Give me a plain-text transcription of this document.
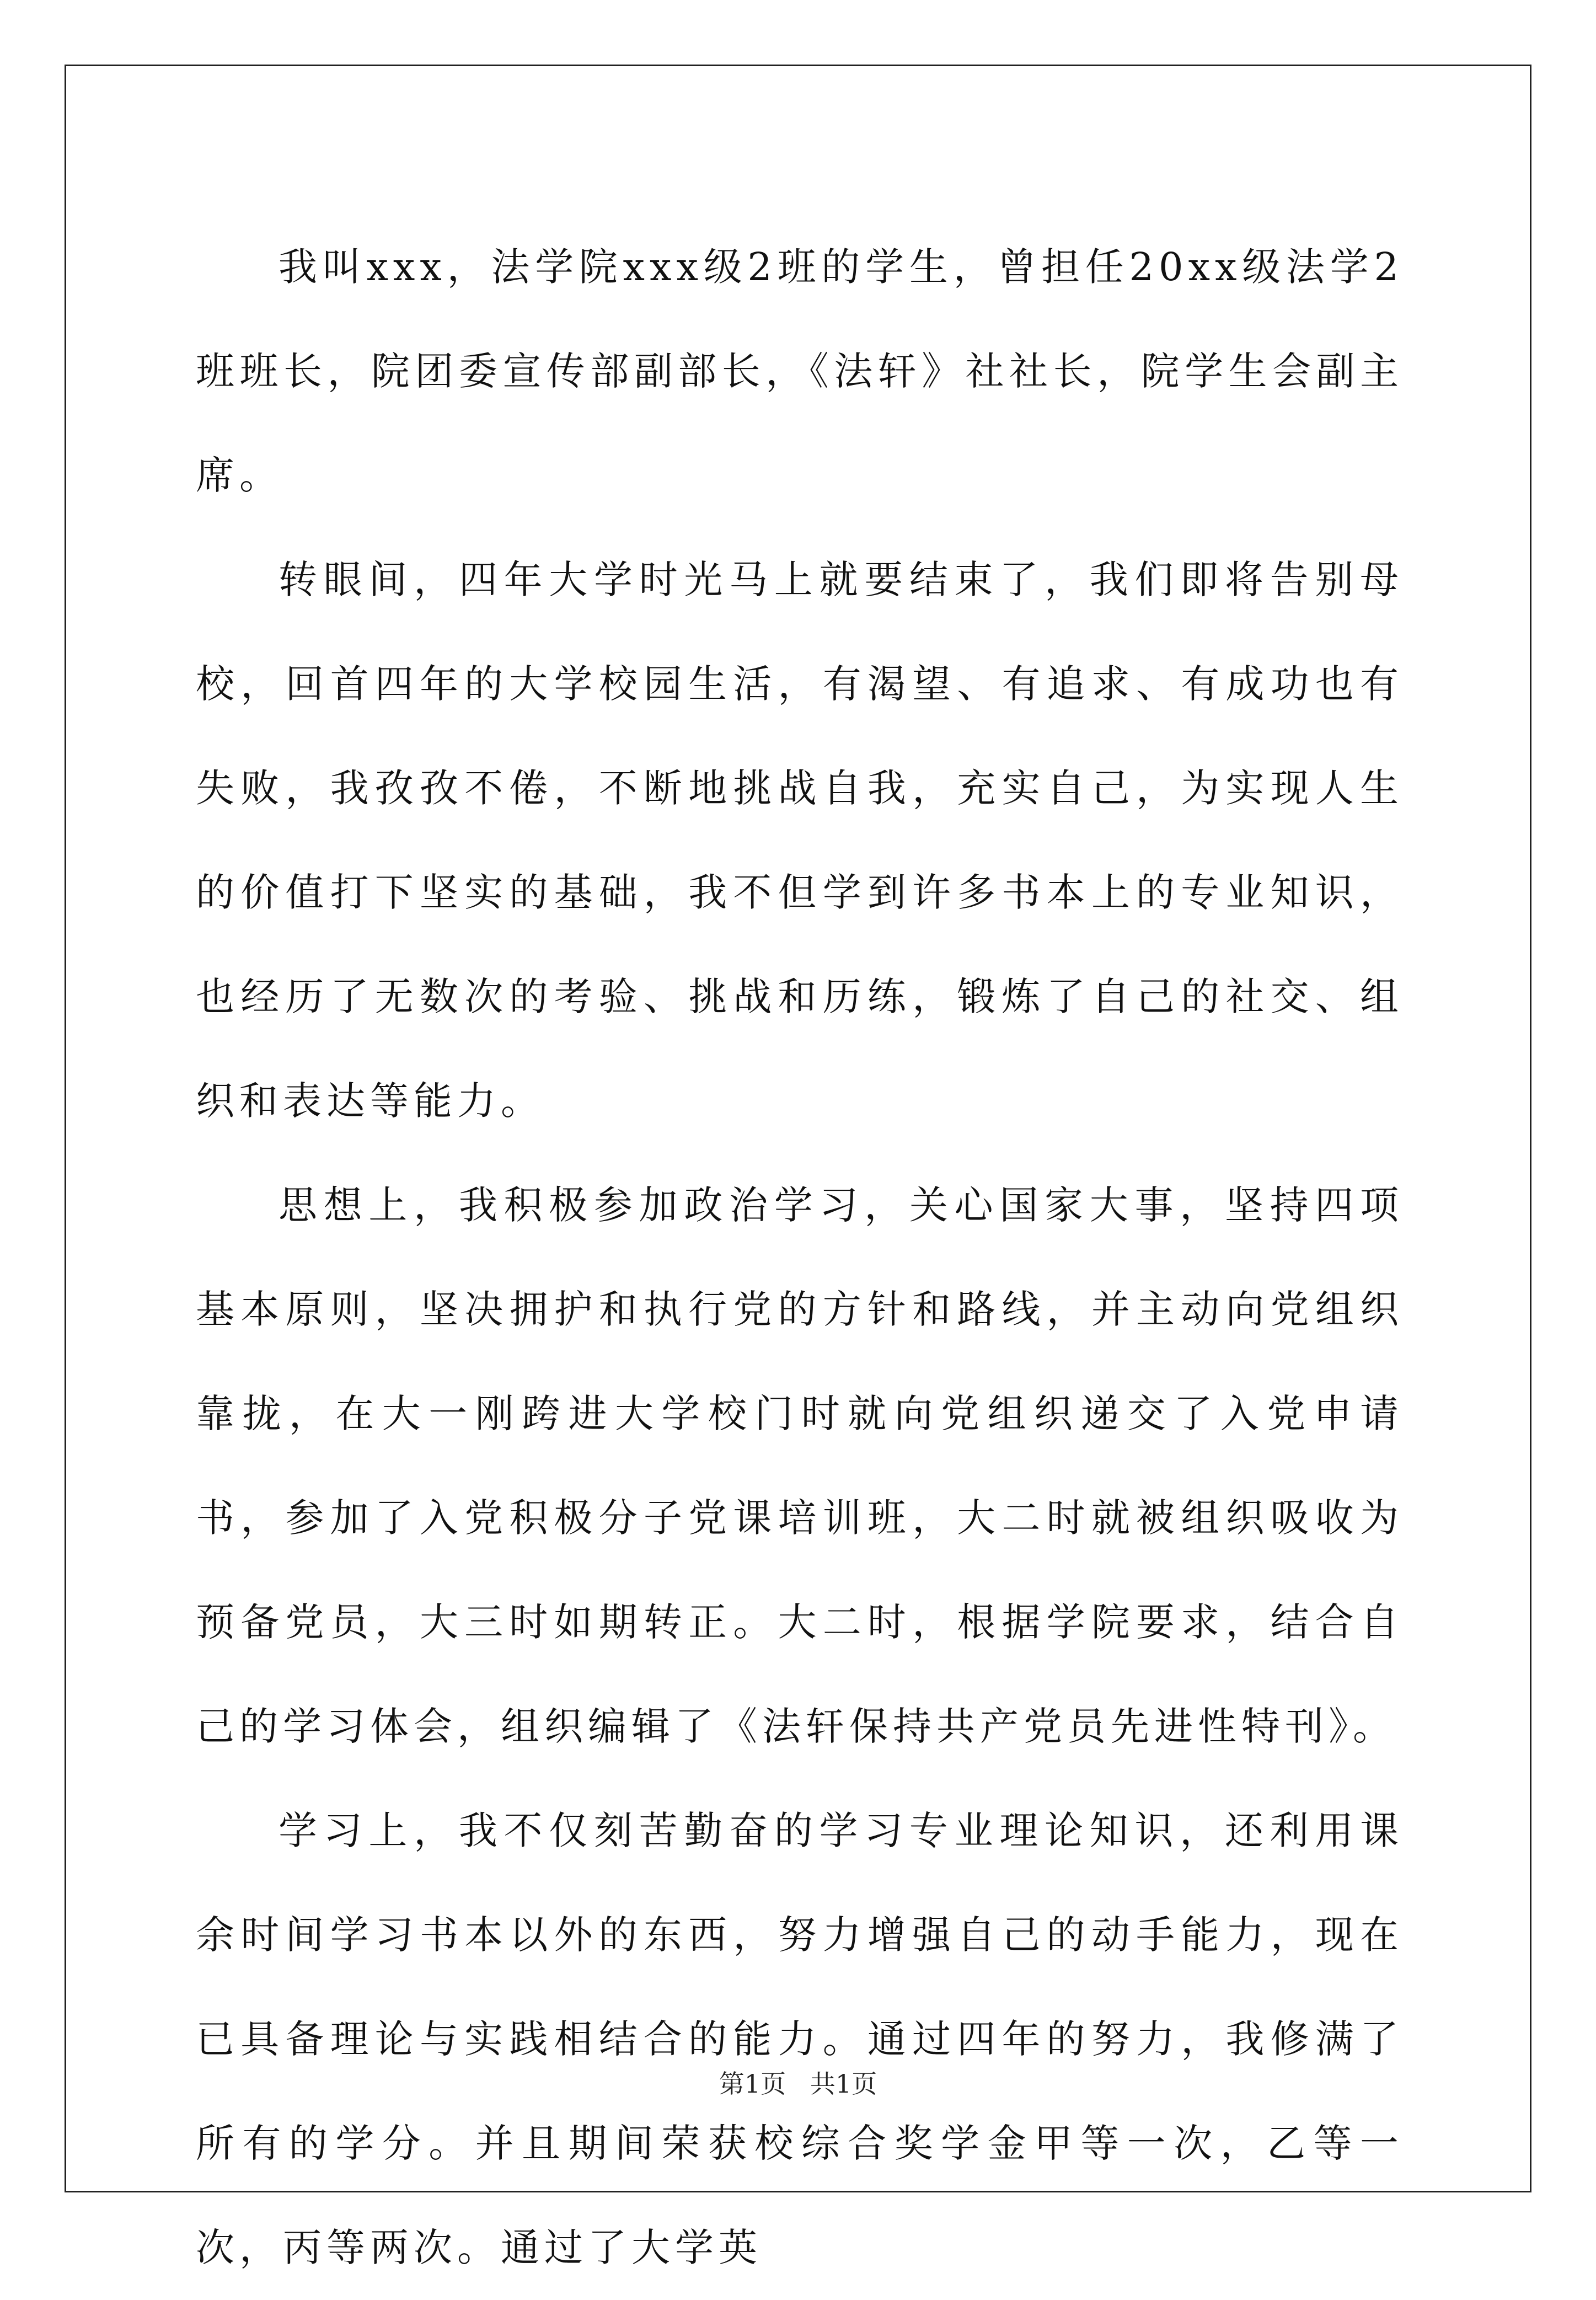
我叫xxx，法学院xxx级2班的学生，曾担任20xx级法学2班班长，院团委宣传部副部长，《法轩》社社长，院学生会副主席。

转眼间，四年大学时光马上就要结束了，我们即将告别母校，回首四年的大学校园生活，有渴望、有追求、有成功也有失败，我孜孜不倦，不断地挑战自我，充实自己，为实现人生的价值打下坚实的基础，我不但学到许多书本上的专业知识，也经历了无数次的考验、挑战和历练，锻炼了自己的社交、组织和表达等能力。

思想上，我积极参加政治学习，关心国家大事，坚持四项基本原则，坚决拥护和执行党的方针和路线，并主动向党组织靠拢，在大一刚跨进大学校门时就向党组织递交了入党申请书，参加了入党积极分子党课培训班，大二时就被组织吸收为预备党员，大三时如期转正。大二时，根据学院要求，结合自己的学习体会，组织编辑了《法轩保持共产党员先进性特刊》。

学习上，我不仅刻苦勤奋的学习专业理论知识，还利用课余时间学习书本以外的东西，努力增强自己的动手能力，现在已具备理论与实践相结合的能力。通过四年的努力，我修满了所有的学分。并且期间荣获校综合奖学金甲等一次，乙等一次，丙等两次。通过了大学英

第1页   共1页
